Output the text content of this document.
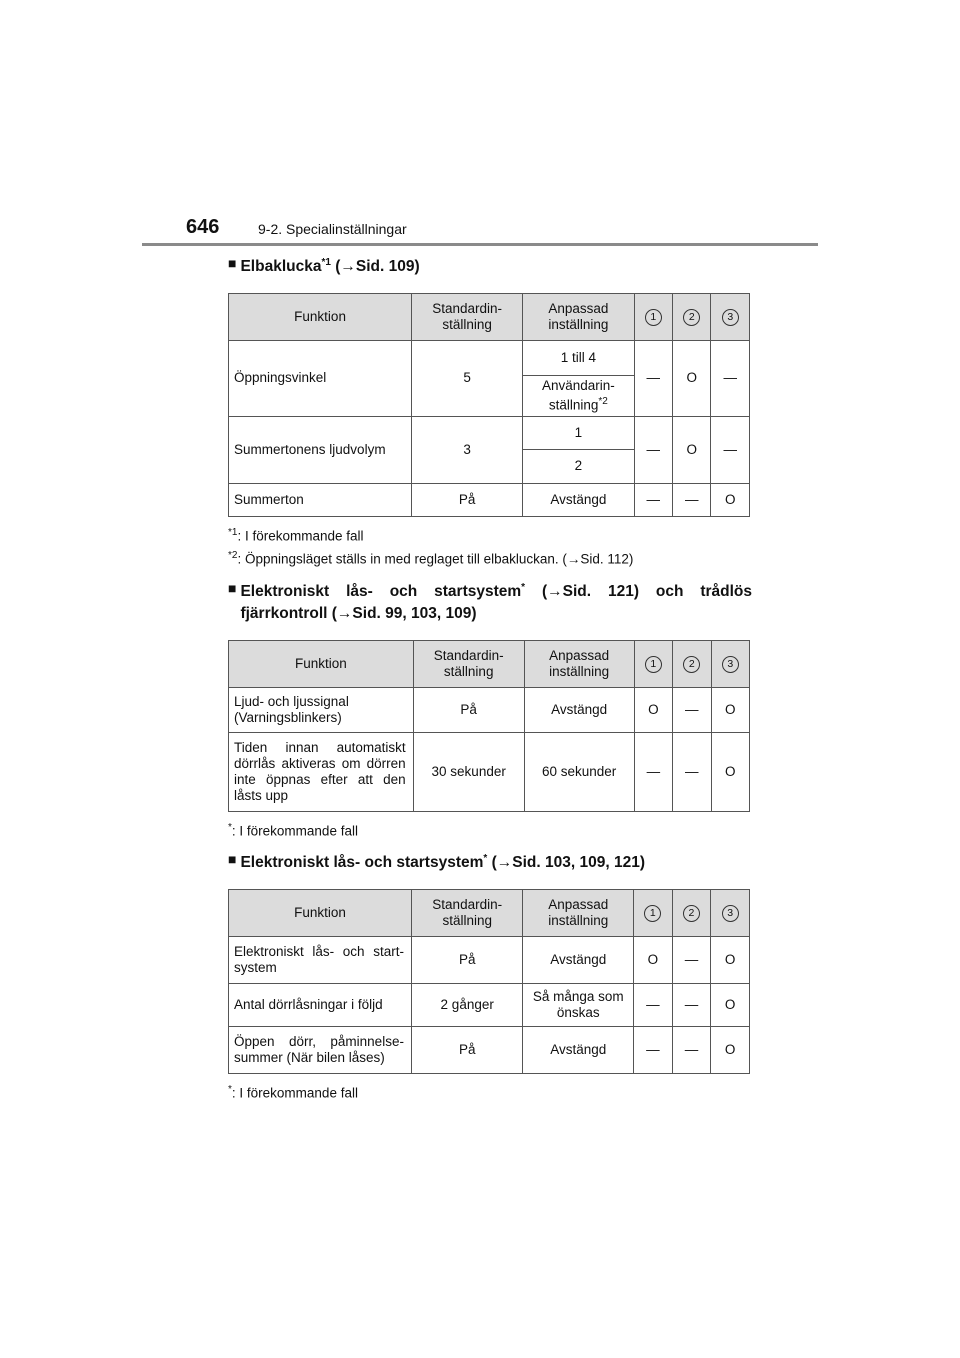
646	9-2. Specialinställningar
■ Elbaklucka$^{*1}$ (→Sid. 109)
Funktion	Standardin-ställning	Anpassad inställning	1	2	3
Öppningsvinkel	5	1 till 4	—	O	—
		Användarin-ställning$^{*2}$
Summertonens ljudvolym	3	1	—	O	—
		2			
Summerton	På	Avstängd	—	—	O
$^{*1}$: I förekommande fall
$^{*2}$: Öppningsläget ställs in med reglaget till elbakluckan. (→Sid. 112)
■ Elektroniskt lås- och startsystem* (→Sid. 121) och trådlös fjärrkontroll (→Sid. 99, 103, 109)
Funktion	Standardin-ställning	Anpassad inställning	1	2	3
Ljud- och ljussignal (Varningsblinkers)	På	Avstängd	O	—	O
Tiden innan automatiskt dörrlås aktiveras om dörren inte öppnas efter att den låsts upp	30 sekunder	60 sekunder	—	—	O
*: I förekommande fall
■ Elektroniskt lås- och startsystem* (→Sid. 103, 109, 121)
Funktion	Standardin-ställning	Anpassad inställning	1	2	3
Elektroniskt lås- och start-system	På	Avstängd	O	—	O
Antal dörrlåsningar i följd	2 gånger	Så många som önskas	—	—	O
Öppen dörr, påminnelse-summer (När bilen låses)	På	Avstängd	—	—	O
*: I förekommande fall
